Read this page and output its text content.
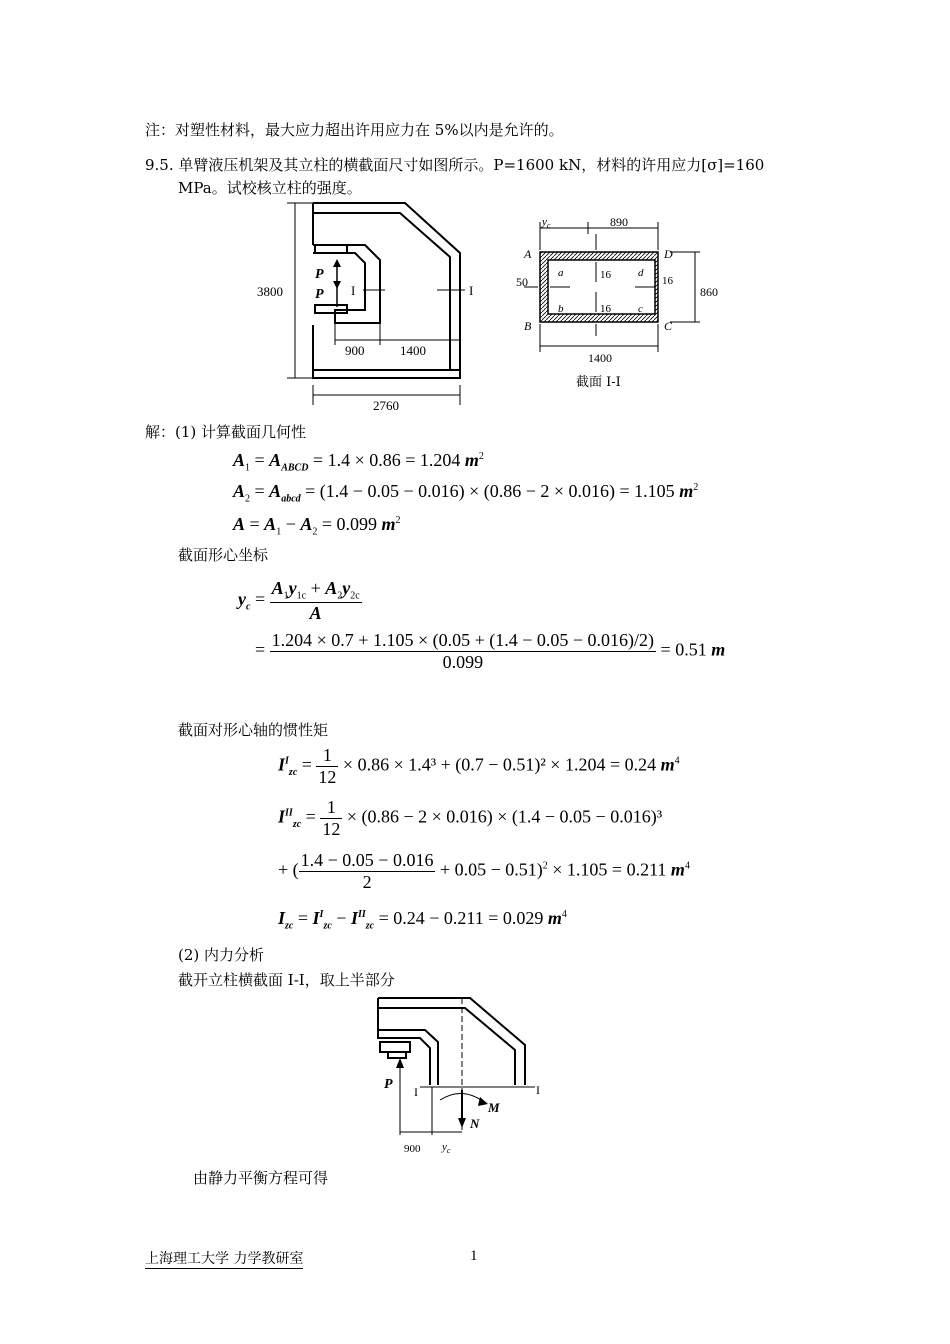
注：对塑性材料，最大应力超出许用应力在 5%以内是允许的。
9.5. 单臂液压机架及其立柱的横截面尺寸如图所示。P=1600 kN，材料的许用应力[σ]=160
MPa。试校核立柱的强度。
3800
2760
900	1400
P
P I	I
$y_c$	890
860
1400
50	16
16
16
A
B	C
D
a
b	c
d
截面 I-I
解：(1) 计算截面几何性
$A_1 = A_{ABCD} = 1.4 \times 0.86 = 1.204$ $m^2$
$A_2 = A_{abcd} = (1.4 - 0.05 - 0.016) \times (0.86 - 2 \times 0.016) = 1.105$ $m^2$
$A = A_1 - A_2 = 0.099$ $m^2$
截面形心坐标
$y_c = \frac{A_1y_{1c} + A_2y_{2c}}{A}$
= $\frac{1.204 \times 0.7 + 1.105 \times (0.05 + (1.4 - 0.05 - 0.016)/2)}{0.099} = 0.51$ m
截面对形心轴的惯性矩
$I^I_{zc} = \frac{1}{12} \times 0.86 \times 1.4^3 + (0.7 - 0.51)^2 \times 1.204 = 0.24$ $m^4$
$I^{II}_{zc} = \frac{1}{12} \times (0.86 - 2 \times 0.016) \times (1.4 - 0.05 - 0.016)^3$
+ ( $\frac{1.4 - 0.05 - 0.016}{2} + 0.05 - 0.51)^2 \times 1.105 = 0.211$ $m^4$
$I_{zc} = I^I_{zc} - I^{II}_{zc} = 0.24 - 0.211 = 0.029$ $m^4$
(2) 内力分析
截开立柱横截面 I-I，取上半部分
P I	I
M
N
900 $y_c$
由静力平衡方程可得
上海理工大学 力学教研室	1
